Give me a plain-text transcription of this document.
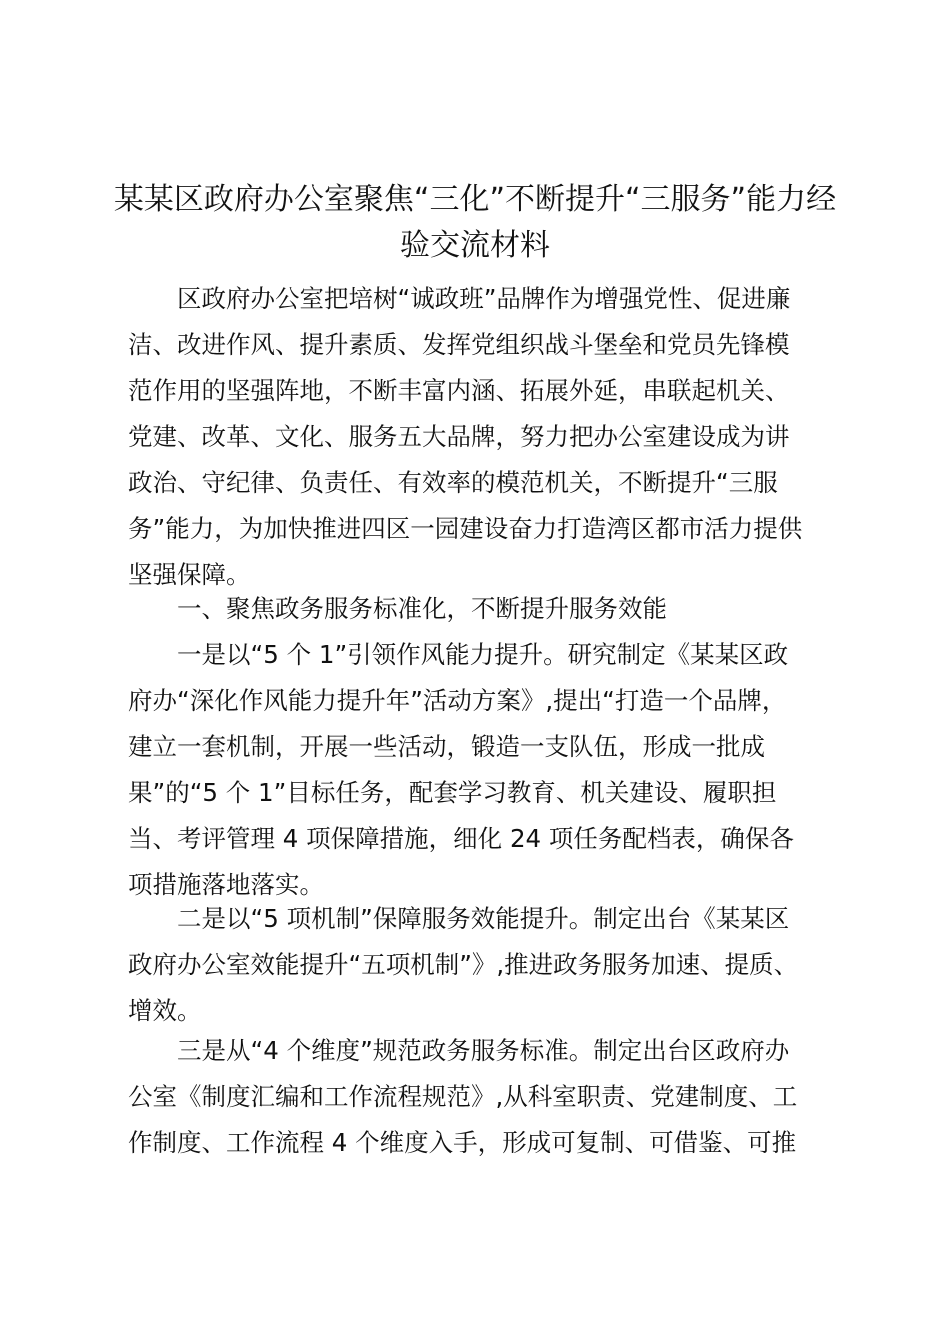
某某区政府办公室聚焦“三化”不断提升“三服务”能力经
验交流材料
区政府办公室把培树“诚政班”品牌作为增强党性、促进廉
洁、改进作风、提升素质、发挥党组织战斗堡垒和党员先锋模
范作用的坚强阵地，不断丰富内涵、拓展外延，串联起机关、
党建、改革、文化、服务五大品牌，努力把办公室建设成为讲
政治、守纪律、负责任、有效率的模范机关，不断提升“三服
务”能力，为加快推进四区一园建设奋力打造湾区都市活力提供
坚强保障。
一、聚焦政务服务标准化，不断提升服务效能
一是以“5 个 1”引领作风能力提升。研究制定《某某区政
府办“深化作风能力提升年”活动方案》,提出“打造一个品牌，
建立一套机制，开展一些活动，锻造一支队伍，形成一批成
果”的“5 个 1”目标任务，配套学习教育、机关建设、履职担
当、考评管理 4 项保障措施，细化 24 项任务配档表，确保各
项措施落地落实。
二是以“5 项机制”保障服务效能提升。制定出台《某某区
政府办公室效能提升“五项机制”》,推进政务服务加速、提质、
增效。
三是从“4 个维度”规范政务服务标准。制定出台区政府办
公室《制度汇编和工作流程规范》,从科室职责、党建制度、工
作制度、工作流程 4 个维度入手，形成可复制、可借鉴、可推
